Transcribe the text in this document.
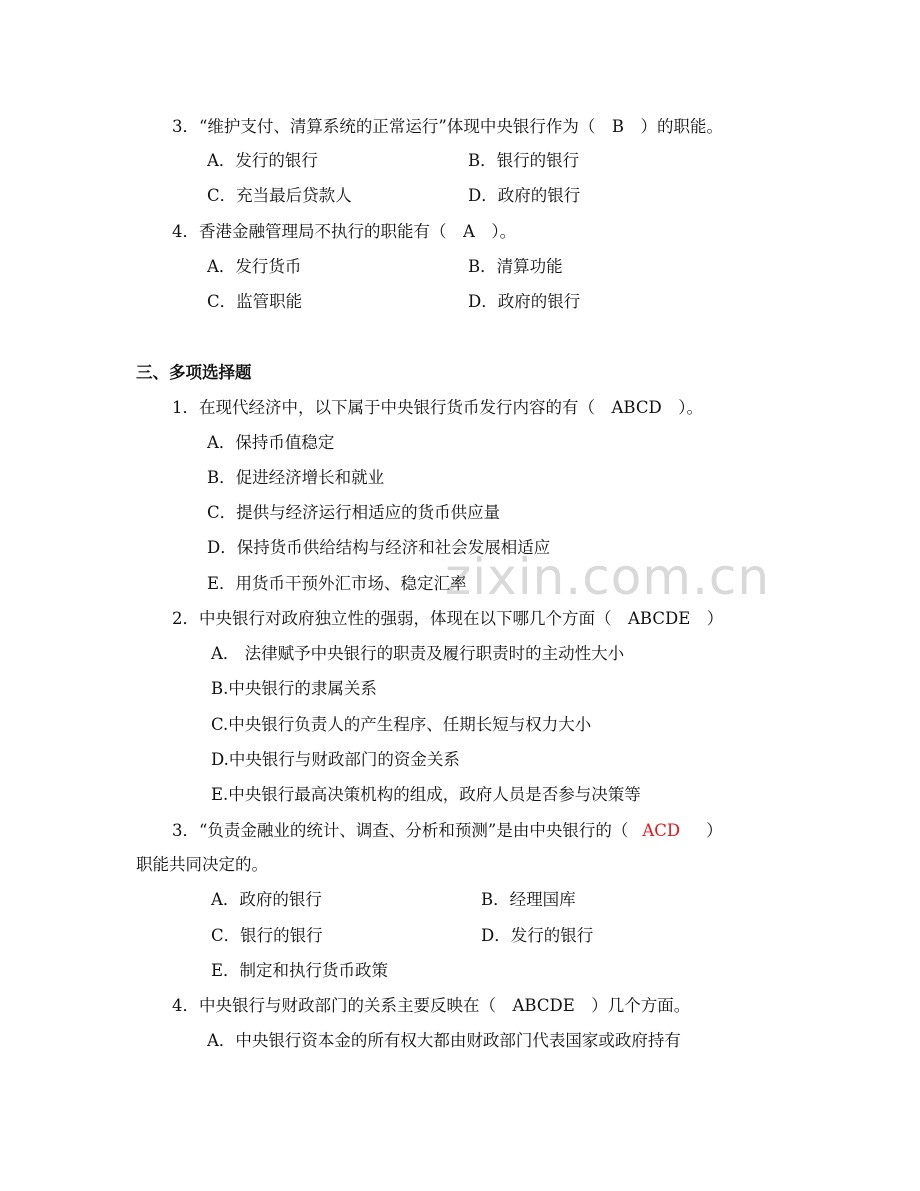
zixin.com.cn
3．“维护支付、清算系统的正常运行”体现中央银行作为（　B　）的职能。
A．发行的银行	B．银行的银行
C．充当最后贷款人	D．政府的银行
4．香港金融管理局不执行的职能有（　A　）。
A．发行货币	B．清算功能
C．监管职能	D．政府的银行
三、多项选择题
1．在现代经济中，以下属于中央银行货币发行内容的有（　ABCD　）。
A．保持币值稳定
B．促进经济增长和就业
C．提供与经济运行相适应的货币供应量
D．保持货币供给结构与经济和社会发展相适应
E．用货币干预外汇市场、稳定汇率
2．中央银行对政府独立性的强弱，体现在以下哪几个方面（　ABCDE　）
A． 法律赋予中央银行的职责及履行职责时的主动性大小
B.中央银行的隶属关系
C.中央银行负责人的产生程序、任期长短与权力大小
D.中央银行与财政部门的资金关系
E.中央银行最高决策机构的组成，政府人员是否参与决策等
3．“负责金融业的统计、调查、分析和预测”是由中央银行的（ ACD ）
职能共同决定的。
A．政府的银行	B．经理国库
C．银行的银行	D．发行的银行
E．制定和执行货币政策
4．中央银行与财政部门的关系主要反映在（　ABCDE　）几个方面。
A．中央银行资本金的所有权大都由财政部门代表国家或政府持有
